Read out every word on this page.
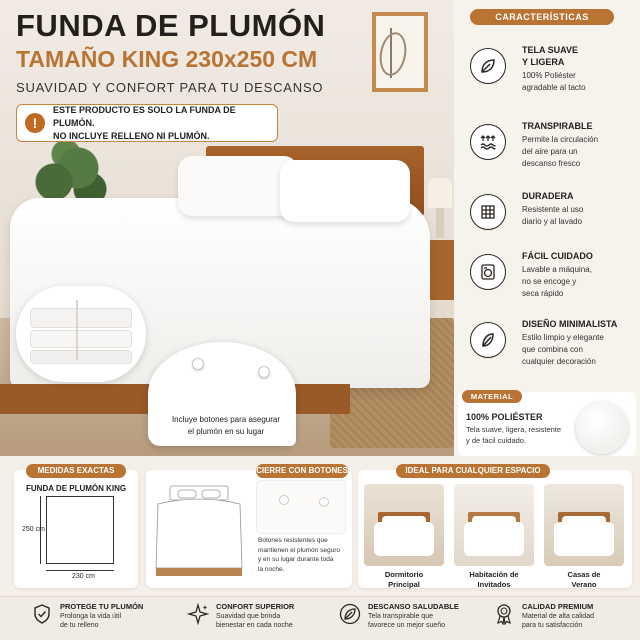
FUNDA DE PLUMÓN
TAMAÑO KING 230x250 CM
SUAVIDAD Y CONFORT PARA TU DESCANSO
!
ESTE PRODUCTO ES SOLO LA FUNDA DE PLUMÓN.
NO INCLUYE RELLENO NI PLUMÓN.
Incluye botones para asegurar
el plumón en su lugar
CARACTERÍSTICAS
TELA SUAVE
Y LIGERA
100% Poliéster
agradable al tacto
TRANSPIRABLE
Permite la circulación
del aire para un
descanso fresco
DURADERA
Resistente al uso
diario y al lavado
FÁCIL CUIDADO
Lavable a máquina,
no se encoge y
seca rápido
DISEÑO MINIMALISTA
Estilo limpio y elegante
que combina con
cualquier decoración
100% POLIÉSTER
Tela suave, ligera, resistente
y de fácil cuidado.
MATERIAL
MEDIDAS EXACTAS
FUNDA DE PLUMÓN KING
250 cm
230 cm
CIERRE CON BOTONES
Botones resistentes que
mantienen el plumón seguro
y en su lugar durante toda
la noche.
IDEAL PARA CUALQUIER ESPACIO
Dormitorio
Principal
Habitación de
Invitados
Casas de
Verano
PROTEGE TU PLUMÓN
Prolonga la vida útil
de tu relleno
CONFORT SUPERIOR
Suavidad que brinda
bienestar en cada noche
DESCANSO SALUDABLE
Tela transpirable que
favorece un mejor sueño
CALIDAD PREMIUM
Material de alta calidad
para tu satisfacción
